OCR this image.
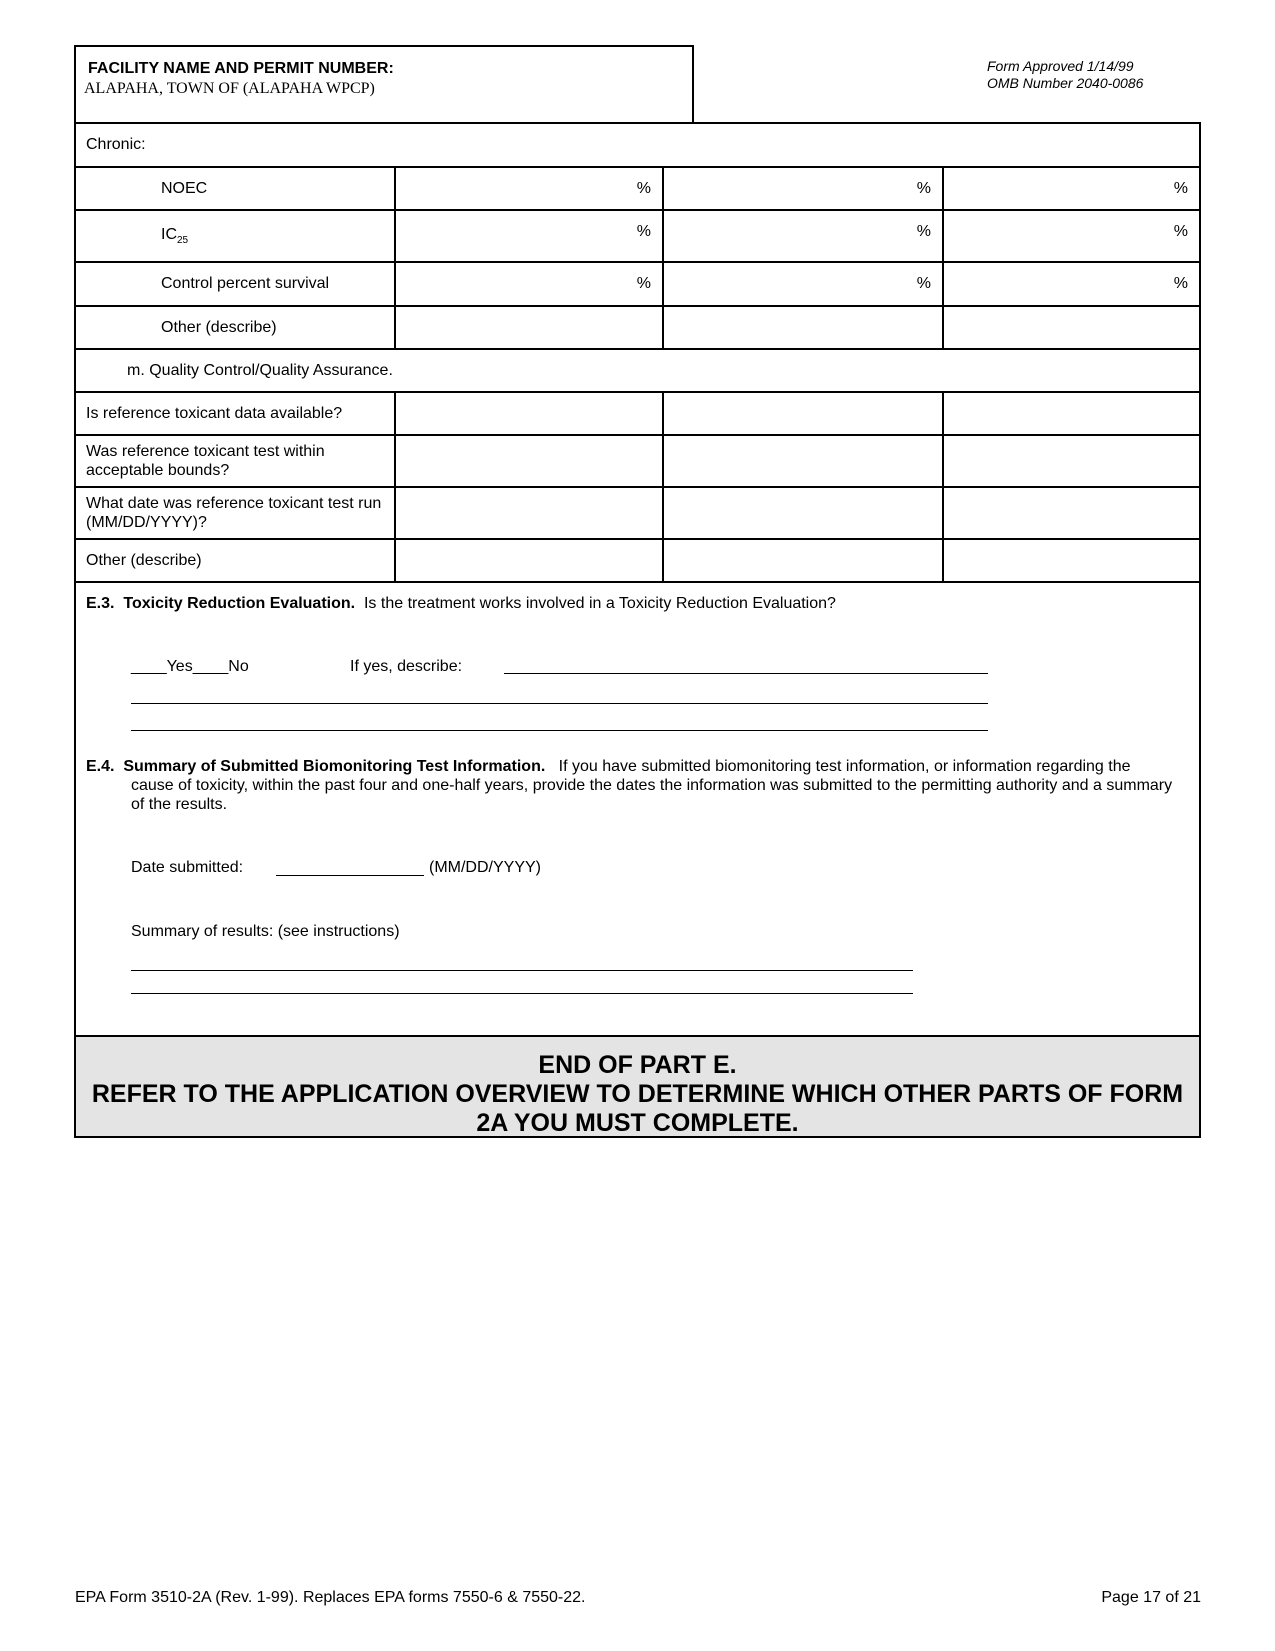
FACILITY NAME AND PERMIT NUMBER:
ALAPAHA, TOWN OF (ALAPAHA WPCP)
Form Approved 1/14/99
OMB Number 2040-0086
Chronic:			
NOEC	%	%	%
$IC_{25}$	%	%	%
Control percent survival	%	%	%
Other (describe)			
m. Quality Control/Quality Assurance.			
Is reference toxicant data available?			
Was reference toxicant test within acceptable bounds?			
What date was reference toxicant test run (MM/DD/YYYY)?			
Other (describe)			
E.3. Toxicity Reduction Evaluation. Is the treatment works involved in a Toxicity Reduction Evaluation?
____Yes____No	If yes, describe:
E.4. Summary of Submitted Biomonitoring Test Information. If you have submitted biomonitoring test information, or information regarding the
cause of toxicity, within the past four and one-half years, provide the dates the information was submitted to the permitting authority and a summary of the results.
Date submitted:	(MM/DD/YYYY)
Summary of results: (see instructions)
END OF PART E.
REFER TO THE APPLICATION OVERVIEW TO DETERMINE WHICH OTHER PARTS OF FORM 2A YOU MUST COMPLETE.
EPA Form 3510-2A (Rev. 1-99). Replaces EPA forms 7550-6 & 7550-22.	Page 17 of 21
